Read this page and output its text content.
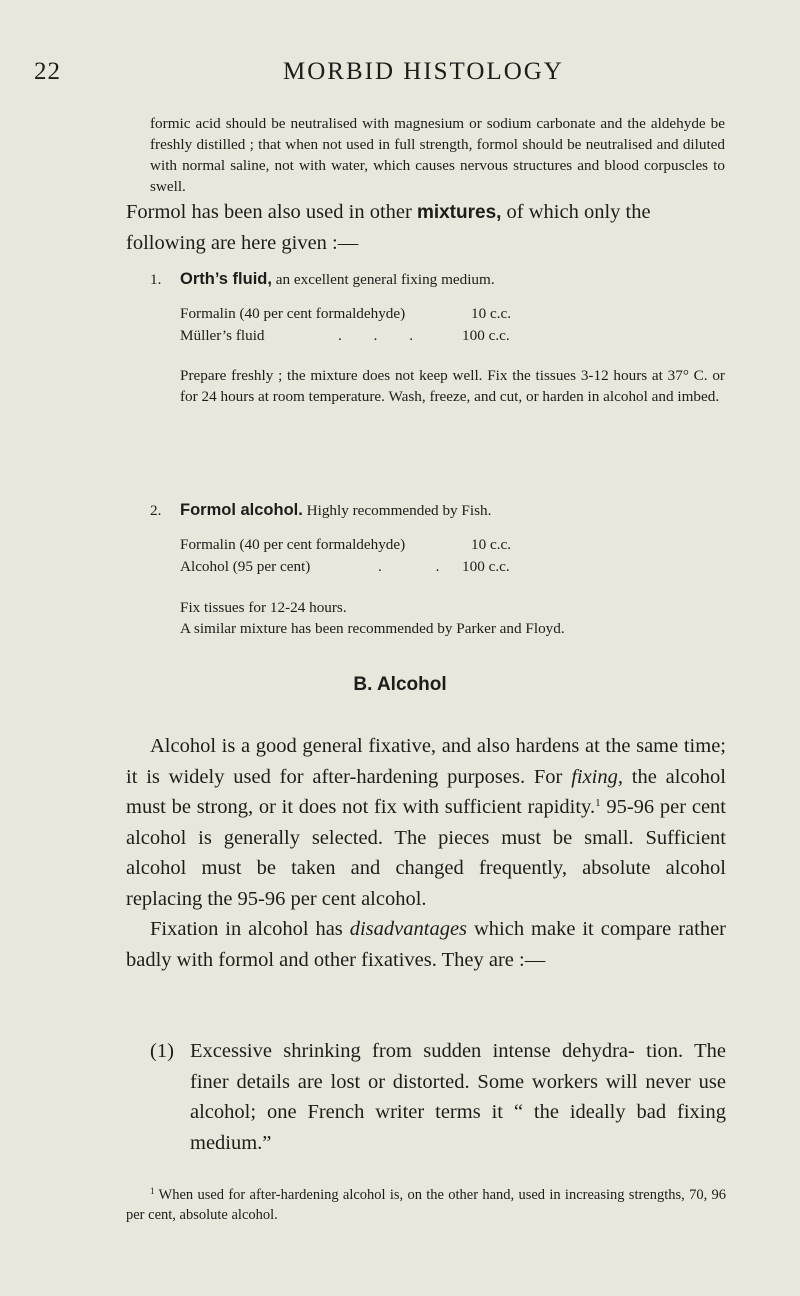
22	MORBID HISTOLOGY

formic acid should be neutralised with magnesium or sodium carbonate and the aldehyde be freshly distilled ; that when not used in full strength, formol should be neutralised and diluted with normal saline, not with water, which causes nervous structures and blood corpuscles to swell.

Formol has been also used in other mixtures, of which only the following are here given :—

1. Orth’s fluid, an excellent general fixing medium.
Formalin (40 per cent formaldehyde)	10 c.c.
Müller’s fluid	. . .	100 c.c.

Prepare freshly ; the mixture does not keep well. Fix the tissues 3-12 hours at 37° C. or for 24 hours at room temperature. Wash, freeze, and cut, or harden in alcohol and imbed.

2. Formol alcohol. Highly recommended by Fish.
Formalin (40 per cent formaldehyde)	10 c.c.
Alcohol (95 per cent)	. . 100 c.c.

Fix tissues for 12-24 hours.

A similar mixture has been recommended by Parker and Floyd.

B. Alcohol

Alcohol is a good general fixative, and also hardens at the same time; it is widely used for after-hardening purposes. For fixing, the alcohol must be strong, or it does not fix with sufficient rapidity.$^1$ 95-96 per cent alcohol is generally selected. The pieces must be small. Sufficient alcohol must be taken and changed frequently, absolute alcohol replacing the 95-96 per cent alcohol.
Fixation in alcohol has disadvantages which make it compare rather badly with formol and other fixatives. They are :—

(1) Excessive shrinking from sudden intense dehydra- tion. The finer details are lost or distorted. Some workers will never use alcohol; one French writer terms it “ the ideally bad fixing medium.”
$^1$ When used for after-hardening alcohol is, on the other hand, used in increasing strengths, 70, 96 per cent, absolute alcohol.
